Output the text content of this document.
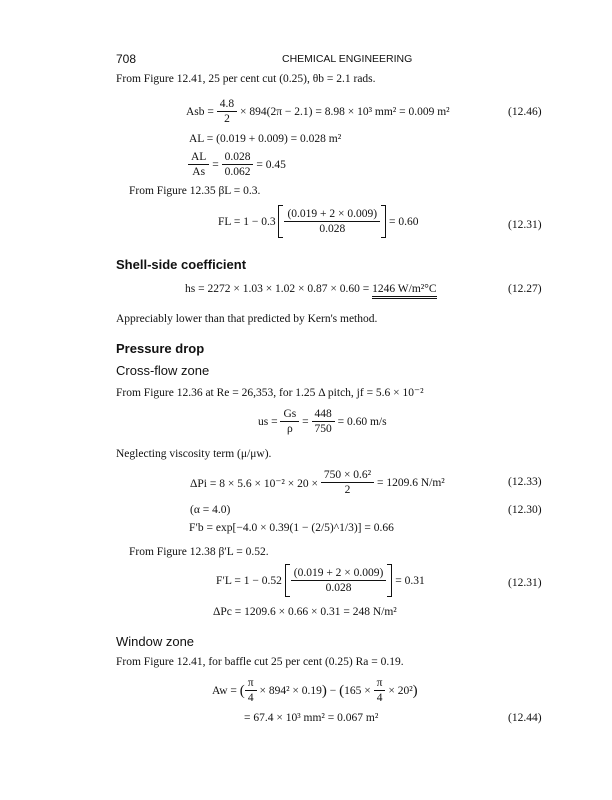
708	CHEMICAL ENGINEERING
From Figure 12.41, 25 per cent cut (0.25), θb = 2.1 rads.
Asb =
$\frac{4.8}{2}$
× 894(2π − 2.1) = 8.98 × 10³ mm² = 0.009 m²	(12.46)
AL = (0.019 + 0.009) = 0.028 m²
$\frac{AL}{As}$
=
$\frac{0.028}{0.062}$
= 0.45
From Figure 12.35 βL = 0.3.
FL = 1 − 0.3
$\frac{(0.019 + 2 \times 0.009)}{0.028}$
= 0.60	(12.31)
Shell-side coefficient
hs = 2272 × 1.03 × 1.02 × 0.87 × 0.60 = 1246 W/m²°C	(12.27)
Appreciably lower than that predicted by Kern's method.
Pressure drop
Cross-flow zone
From Figure 12.36 at Re = 26,353, for 1.25 Δ pitch, jf = 5.6 × 10⁻²
us =
$\frac{Gs}{\rho}$
=
$\frac{448}{750}$
= 0.60 m/s
Neglecting viscosity term (μ/μw).
ΔPi = 8 × 5.6 × 10⁻² × 20 ×
$\frac{\text{750 × 0.6²}}{2}$
= 1209.6 N/m²	(12.33)
(α = 4.0)	(12.30)
F′b = exp[−4.0 × 0.39(1 − (2/5)^1/3)] = 0.66
From Figure 12.38 β′L = 0.52.
F′L = 1 − 0.52
$\frac{(0.019 + 2 \times 0.009)}{0.028}$
= 0.31	(12.31)
ΔPc = 1209.6 × 0.66 × 0.31 = 248 N/m²
Window zone
From Figure 12.41, for baffle cut 25 per cent (0.25) Ra = 0.19.
Aw =
( $\frac{\pi}{4}$
× 894² × 0.19 )
−
( 165 ×
$\frac{\pi}{4}$
× 20² )
= 67.4 × 10³ mm² = 0.067 m²	(12.44)
